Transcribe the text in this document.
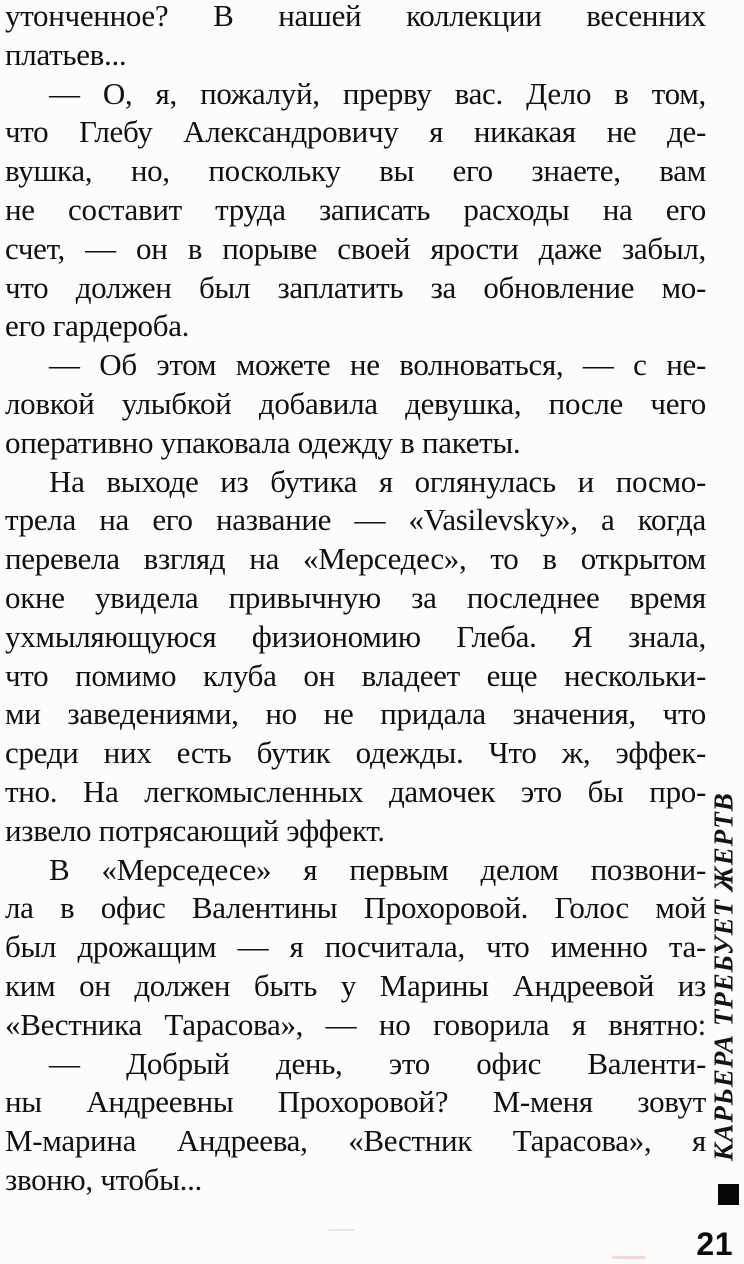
утонченное? В нашей коллекции весенних
платьев...
— О, я, пожалуй, прерву вас. Дело в том,
что Глебу Александровичу я никакая не де-
вушка, но, поскольку вы его знаете, вам
не составит труда записать расходы на его
счет, — он в порыве своей ярости даже забыл,
что должен был заплатить за обновление мо-
его гардероба.
— Об этом можете не волноваться, — с не-
ловкой улыбкой добавила девушка, после чего
оперативно упаковала одежду в пакеты.
На выходе из бутика я оглянулась и посмо-
трела на его название — «Vasilevsky», а когда
перевела взгляд на «Мерседес», то в открытом
окне увидела привычную за последнее время
ухмыляющуюся физиономию Глеба. Я знала,
что помимо клуба он владеет еще нескольки-
ми заведениями, но не придала значения, что
среди них есть бутик одежды. Что ж, эффек-
тно. На легкомысленных дамочек это бы про-
извело потрясающий эффект.
В «Мерседесе» я первым делом позвони-
ла в офис Валентины Прохоровой. Голос мой
был дрожащим — я посчитала, что именно та-
ким он должен быть у Марины Андреевой из
«Вестника Тарасова», — но говорила я внятно:
— Добрый день, это офис Валенти-
ны Андреевны Прохоровой? М-меня зовут
М-марина Андреева, «Вестник Тарасова», я
звоню, чтобы...
КАРЬЕРА ТРЕБУЕТ ЖЕРТВ
21
